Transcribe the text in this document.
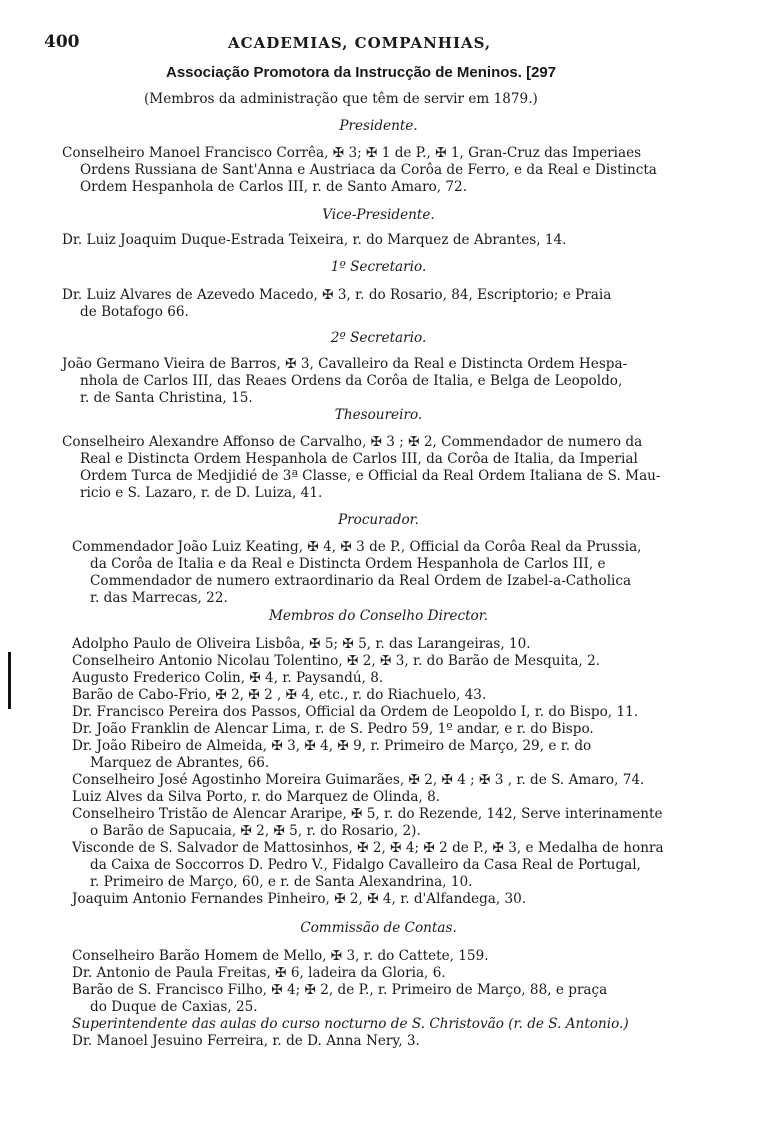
400	ACADEMIAS, COMPANHIAS,
Associação Promotora da Instrucção de Meninos. [297
(Membros da administração que têm de servir em 1879.)
Presidente.
Conselheiro Manoel Francisco Corrêa, ✠ 3; ✠ 1 de P., ✠ 1, Gran-Cruz das Imperiaes
Ordens Russiana de Sant'Anna e Austriaca da Corôa de Ferro, e da Real e Distincta
Ordem Hespanhola de Carlos III, r. de Santo Amaro, 72.
Vice-Presidente.
Dr. Luiz Joaquim Duque-Estrada Teixeira, r. do Marquez de Abrantes, 14.
1º Secretario.
Dr. Luiz Alvares de Azevedo Macedo, ✠ 3, r. do Rosario, 84, Escriptorio; e Praia
de Botafogo 66.
2º Secretario.
João Germano Vieira de Barros, ✠ 3, Cavalleiro da Real e Distincta Ordem Hespa-
nhola de Carlos III, das Reaes Ordens da Corôa de Italia, e Belga de Leopoldo,
r. de Santa Christina, 15.
Thesoureiro.
Conselheiro Alexandre Affonso de Carvalho, ✠ 3 ; ✠ 2, Commendador de numero da
Real e Distincta Ordem Hespanhola de Carlos III, da Corôa de Italia, da Imperial
Ordem Turca de Medjidié de 3ª Classe, e Official da Real Ordem Italiana de S. Mau-
ricio e S. Lazaro, r. de D. Luiza, 41.
Procurador.
Commendador João Luiz Keating, ✠ 4, ✠ 3 de P., Official da Corôa Real da Prussia,
da Corôa de Italia e da Real e Distincta Ordem Hespanhola de Carlos III, e
Commendador de numero extraordinario da Real Ordem de Izabel-a-Catholica
r. das Marrecas, 22.
Membros do Conselho Director.
Adolpho Paulo de Oliveira Lisbôa, ✠ 5; ✠ 5, r. das Larangeiras, 10.
Conselheiro Antonio Nicolau Tolentino, ✠ 2, ✠ 3, r. do Barão de Mesquita, 2.
Augusto Frederico Colin, ✠ 4, r. Paysandú, 8.
Barão de Cabo-Frio, ✠ 2, ✠ 2 , ✠ 4, etc., r. do Riachuelo, 43.
Dr. Francisco Pereira dos Passos, Official da Ordem de Leopoldo I, r. do Bispo, 11.
Dr. João Franklin de Alencar Lima, r. de S. Pedro 59, 1º andar, e r. do Bispo.
Dr. João Ribeiro de Almeida, ✠ 3, ✠ 4, ✠ 9, r. Primeiro de Março, 29, e r. do
Marquez de Abrantes, 66.
Conselheiro José Agostinho Moreira Guimarães, ✠ 2, ✠ 4 ; ✠ 3 , r. de S. Amaro, 74.
Luiz Alves da Silva Porto, r. do Marquez de Olinda, 8.
Conselheiro Tristão de Alencar Araripe, ✠ 5, r. do Rezende, 142, Serve interinamente
o Barão de Sapucaia, ✠ 2, ✠ 5, r. do Rosario, 2).
Visconde de S. Salvador de Mattosinhos, ✠ 2, ✠ 4; ✠ 2 de P., ✠ 3, e Medalha de honra
da Caixa de Soccorros D. Pedro V., Fidalgo Cavalleiro da Casa Real de Portugal,
r. Primeiro de Março, 60, e r. de Santa Alexandrina, 10.
Joaquim Antonio Fernandes Pinheiro, ✠ 2, ✠ 4, r. d'Alfandega, 30.
Commissão de Contas.
Conselheiro Barão Homem de Mello, ✠ 3, r. do Cattete, 159.
Dr. Antonio de Paula Freitas, ✠ 6, ladeira da Gloria, 6.
Barão de S. Francisco Filho, ✠ 4; ✠ 2, de P., r. Primeiro de Março, 88, e praça
do Duque de Caxias, 25.
Superintendente das aulas do curso nocturno de S. Christovão (r. de S. Antonio.)
Dr. Manoel Jesuino Ferreira, r. de D. Anna Nery, 3.
